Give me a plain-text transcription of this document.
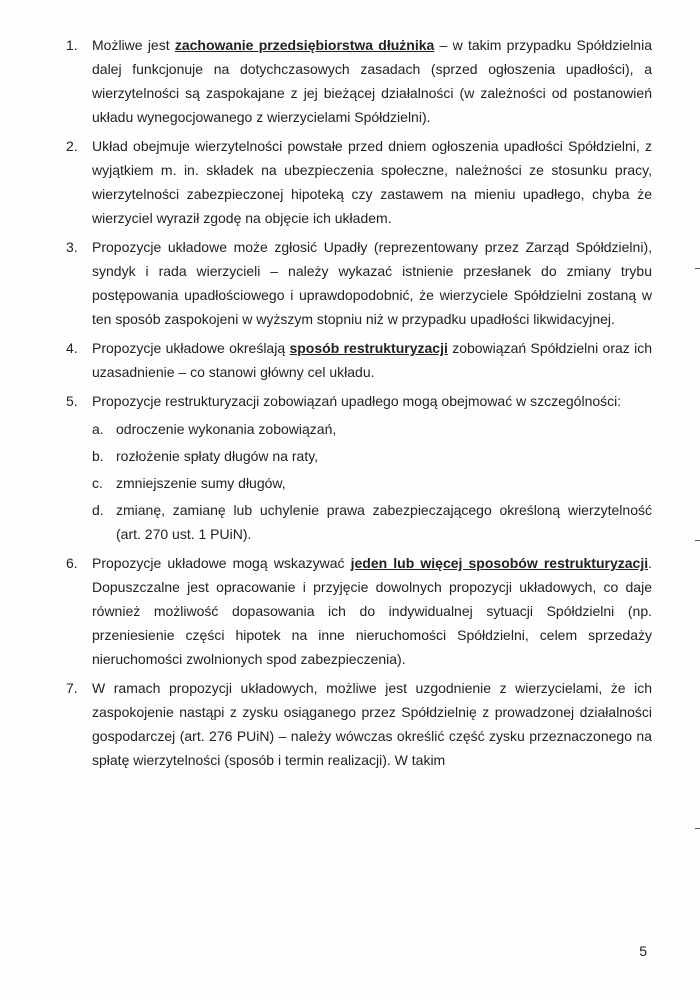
1.	Możliwe jest zachowanie przedsiębiorstwa dłużnika – w takim przypadku Spółdzielnia dalej funkcjonuje na dotychczasowych zasadach (sprzed ogłoszenia upadłości), a wierzytelności są zaspokajane z jej bieżącej działalności (w zależności od postanowień układu wynegocjowanego z wierzycielami Spółdzielni).
2.	Układ obejmuje wierzytelności powstałe przed dniem ogłoszenia upadłości Spółdzielni, z wyjątkiem m. in. składek na ubezpieczenia społeczne, należności ze stosunku pracy, wierzytelności zabezpieczonej hipoteką czy zastawem na mieniu upadłego, chyba że wierzyciel wyraził zgodę na objęcie ich układem.
3.	Propozycje układowe może zgłosić Upadły (reprezentowany przez Zarząd Spółdzielni), syndyk i rada wierzycieli – należy wykazać istnienie przesłanek do zmiany trybu postępowania upadłościowego i uprawdopodobnić, że wierzyciele Spółdzielni zostaną w ten sposób zaspokojeni w wyższym stopniu niż w przypadku upadłości likwidacyjnej.
4.	Propozycje układowe określają sposób restrukturyzacji zobowiązań Spółdzielni oraz ich uzasadnienie – co stanowi główny cel układu.
5.	Propozycje restrukturyzacji zobowiązań upadłego mogą obejmować w szczególności:
a. odroczenie wykonania zobowiązań,
b. rozłożenie spłaty długów na raty,
c. zmniejszenie sumy długów,
d. zmianę, zamianę lub uchylenie prawa zabezpieczającego określoną wierzytelność (art. 270 ust. 1 PUiN).
6.	Propozycje układowe mogą wskazywać jeden lub więcej sposobów restrukturyzacji. Dopuszczalne jest opracowanie i przyjęcie dowolnych propozycji układowych, co daje również możliwość dopasowania ich do indywidualnej sytuacji Spółdzielni (np. przeniesienie części hipotek na inne nieruchomości Spółdzielni, celem sprzedaży nieruchomości zwolnionych spod zabezpieczenia).
7.	W ramach propozycji układowych, możliwe jest uzgodnienie z wierzycielami, że ich zaspokojenie nastąpi z zysku osiąganego przez Spółdzielnię z prowadzonej działalności gospodarczej (art. 276 PUiN) – należy wówczas określić część zysku przeznaczonego na spłatę wierzytelności (sposób i termin realizacji). W takim
5
